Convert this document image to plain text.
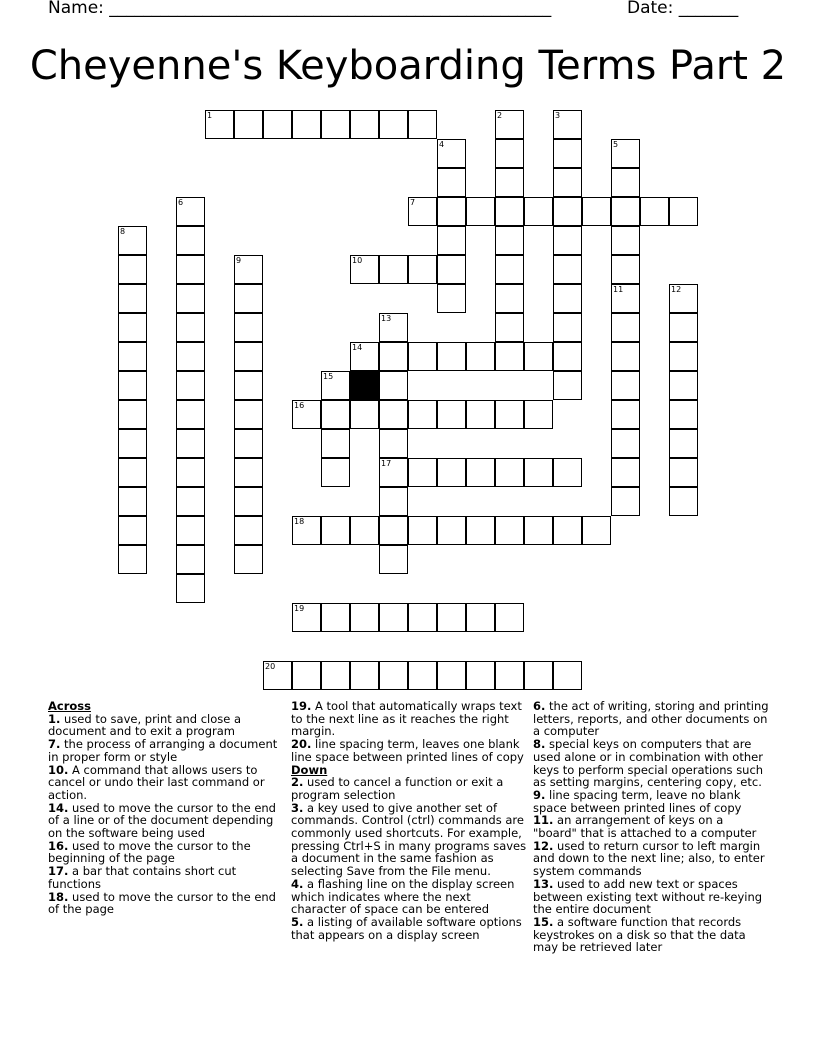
Name: ____________________________________________________	Date: _______
Cheyenne's Keyboarding Terms Part 2
1	2	3
4	5
6	7
8
9	10
11	12
13
14
15
16
17
18
19
20
Across
1. used to save, print and close a document and to exit a program
7. the process of arranging a document in proper form or style
10. A command that allows users to cancel or undo their last command or action.
14. used to move the cursor to the end of a line or of the document depending on the software being used
16. used to move the cursor to the beginning of the page
17. a bar that contains short cut functions
18. used to move the cursor to the end of the page
19. A tool that automatically wraps text to the next line as it reaches the right margin.
20. line spacing term, leaves one blank line space between printed lines of copy
Down
2. used to cancel a function or exit a program selection
3. a key used to give another set of commands. Control (ctrl) commands are commonly used shortcuts. For example, pressing Ctrl+S in many programs saves a document in the same fashion as selecting Save from the File menu.
4. a flashing line on the display screen which indicates where the next character of space can be entered
5. a listing of available software options that appears on a display screen
6. the act of writing, storing and printing letters, reports, and other documents on a computer
8. special keys on computers that are used alone or in combination with other keys to perform special operations such as setting margins, centering copy, etc.
9. line spacing term, leave no blank space between printed lines of copy
11. an arrangement of keys on a "board" that is attached to a computer
12. used to return cursor to left margin and down to the next line; also, to enter system commands
13. used to add new text or spaces between existing text without re-keying the entire document
15. a software function that records keystrokes on a disk so that the data may be retrieved later
